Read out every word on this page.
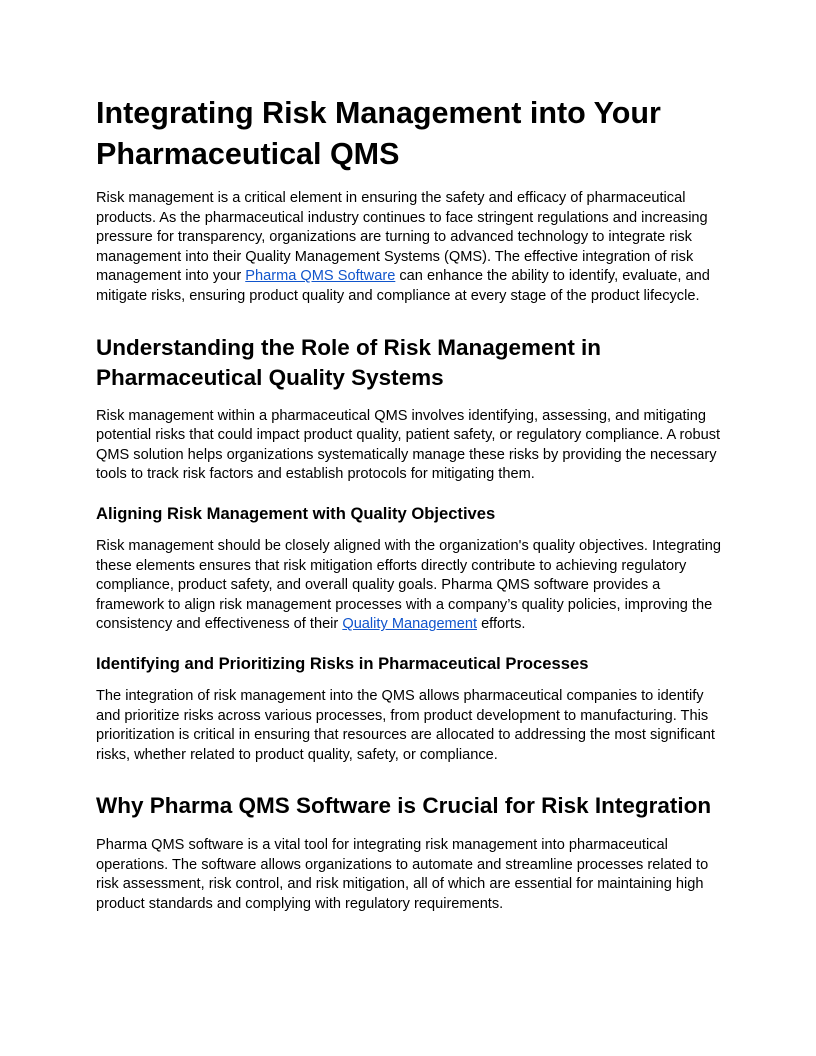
Integrating Risk Management into Your Pharmaceutical QMS

Risk management is a critical element in ensuring the safety and efficacy of pharmaceutical products. As the pharmaceutical industry continues to face stringent regulations and increasing pressure for transparency, organizations are turning to advanced technology to integrate risk management into their Quality Management Systems (QMS). The effective integration of risk management into your Pharma QMS Software can enhance the ability to identify, evaluate, and mitigate risks, ensuring product quality and compliance at every stage of the product lifecycle.

Understanding the Role of Risk Management in Pharmaceutical Quality Systems

Risk management within a pharmaceutical QMS involves identifying, assessing, and mitigating potential risks that could impact product quality, patient safety, or regulatory compliance. A robust QMS solution helps organizations systematically manage these risks by providing the necessary tools to track risk factors and establish protocols for mitigating them.

Aligning Risk Management with Quality Objectives

Risk management should be closely aligned with the organization's quality objectives. Integrating these elements ensures that risk mitigation efforts directly contribute to achieving regulatory compliance, product safety, and overall quality goals. Pharma QMS software provides a framework to align risk management processes with a company’s quality policies, improving the consistency and effectiveness of their Quality Management efforts.

Identifying and Prioritizing Risks in Pharmaceutical Processes

The integration of risk management into the QMS allows pharmaceutical companies to identify and prioritize risks across various processes, from product development to manufacturing. This prioritization is critical in ensuring that resources are allocated to addressing the most significant risks, whether related to product quality, safety, or compliance.

Why Pharma QMS Software is Crucial for Risk Integration

Pharma QMS software is a vital tool for integrating risk management into pharmaceutical operations. The software allows organizations to automate and streamline processes related to risk assessment, risk control, and risk mitigation, all of which are essential for maintaining high product standards and complying with regulatory requirements.
